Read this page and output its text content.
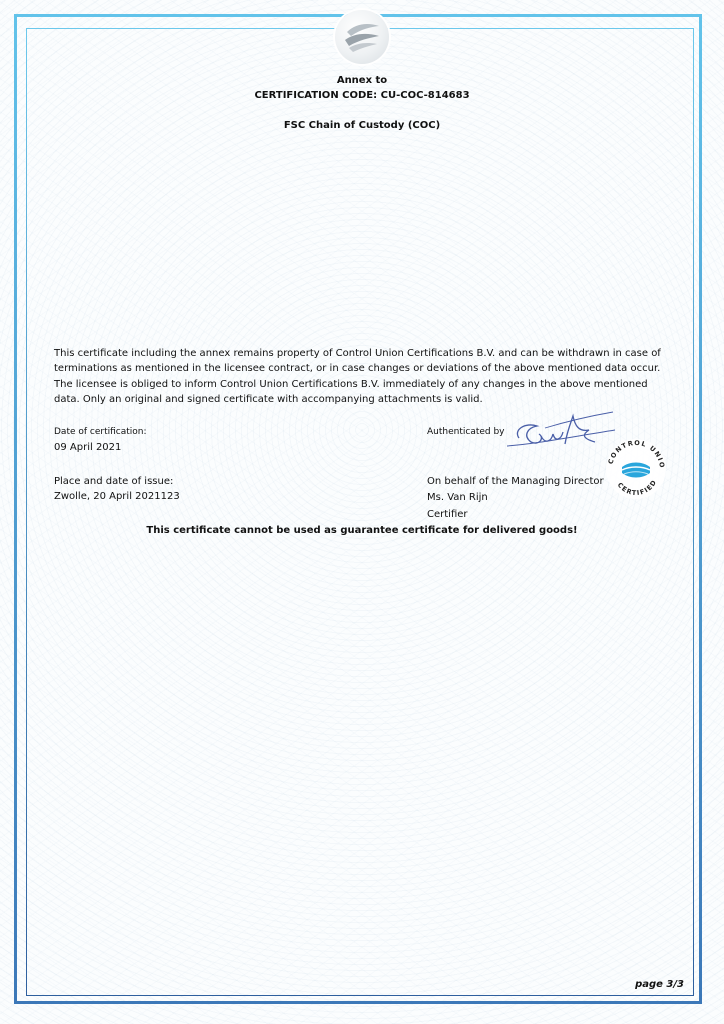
Annex to
CERTIFICATION CODE: CU-COC-814683
FSC Chain of Custody (COC)
This certificate including the annex remains property of Control Union Certifications B.V. and can be withdrawn in case of terminations as mentioned in the licensee contract, or in case changes or deviations of the above mentioned data occur. The licensee is obliged to inform Control Union Certifications B.V. immediately of any changes in the above mentioned data. Only an original and signed certificate with accompanying attachments is valid.
Date of certification:
09 April 2021
Place and date of issue:
Zwolle, 20 April 2021123
Authenticated by
CONTROL UNIO
CERTIFIED
On behalf of the Managing Director
Ms. Van Rijn
Certifier
This certificate cannot be used as guarantee certificate for delivered goods!
page 3/3
